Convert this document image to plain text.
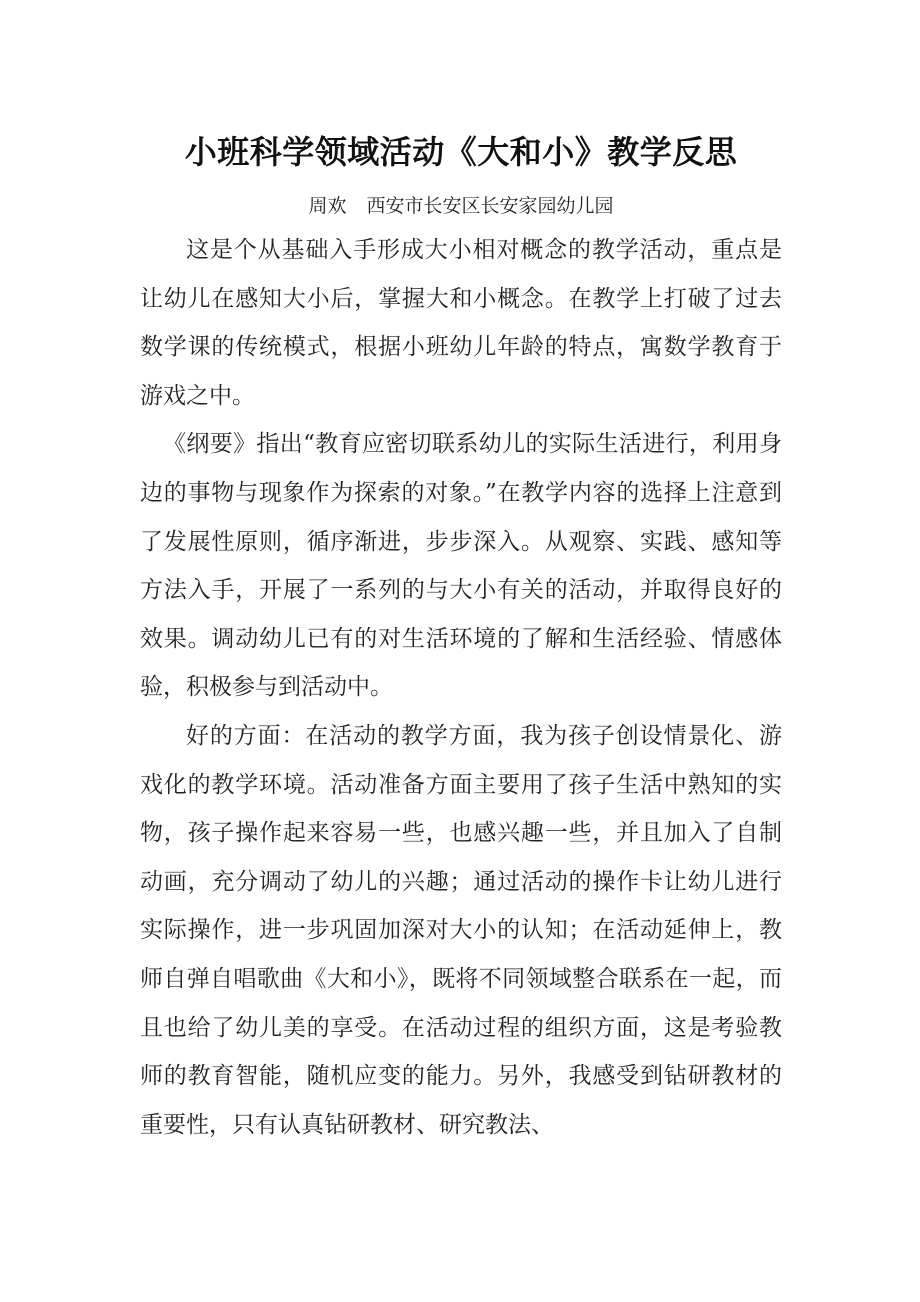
小班科学领域活动《大和小》教学反思
周欢 西安市长安区长安家园幼儿园

这是个从基础入手形成大小相对概念的教学活动，重点是让幼儿在感知大小后，掌握大和小概念。在教学上打破了过去数学课的传统模式，根据小班幼儿年龄的特点，寓数学教育于游戏之中。

《纲要》指出“教育应密切联系幼儿的实际生活进行，利用身边的事物与现象作为探索的对象。”在教学内容的选择上注意到了发展性原则，循序渐进，步步深入。从观察、实践、感知等方法入手，开展了一系列的与大小有关的活动，并取得良好的效果。调动幼儿已有的对生活环境的了解和生活经验、情感体验，积极参与到活动中。

好的方面：在活动的教学方面，我为孩子创设情景化、游戏化的教学环境。活动准备方面主要用了孩子生活中熟知的实物，孩子操作起来容易一些，也感兴趣一些，并且加入了自制动画，充分调动了幼儿的兴趣；通过活动的操作卡让幼儿进行实际操作，进一步巩固加深对大小的认知；在活动延伸上，教师自弹自唱歌曲《大和小》，既将不同领域整合联系在一起，而且也给了幼儿美的享受。在活动过程的组织方面，这是考验教师的教育智能，随机应变的能力。另外，我感受到钻研教材的重要性，只有认真钻研教材、研究教法、
